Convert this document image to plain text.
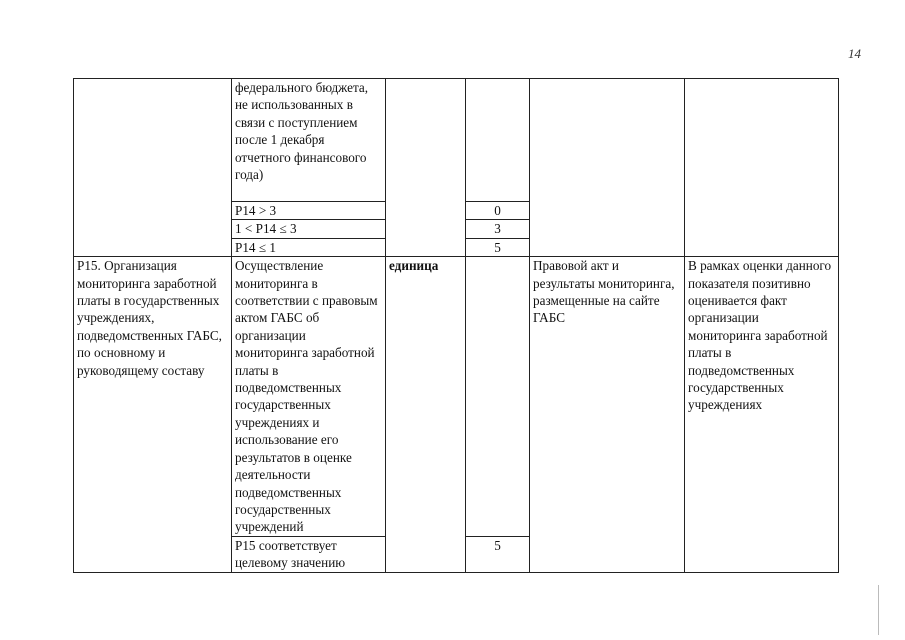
14
	федерального бюджета, не использованных в связи с поступлением после 1 декабря отчетного финансового года)				
	Р14 > 3		0		
	1 < Р14 ≤ 3		3		
	Р14 ≤ 1		5		
Р15. Организация мониторинга заработной платы в государственных учреждениях, подведомственных ГАБС, по основному и руководящему составу	Осуществление мониторинга в соответствии с правовым актом ГАБС об организации мониторинга заработной платы в подведомственных государственных учреждениях и использование его результатов в оценке деятельности подведомственных государственных учреждений	единица		Правовой акт и результаты мониторинга, размещенные на сайте ГАБС	В рамках оценки данного показателя позитивно оценивается факт организации мониторинга заработной платы в подведомственных государственных учреждениях
	Р15 соответствует целевому значению		5		
